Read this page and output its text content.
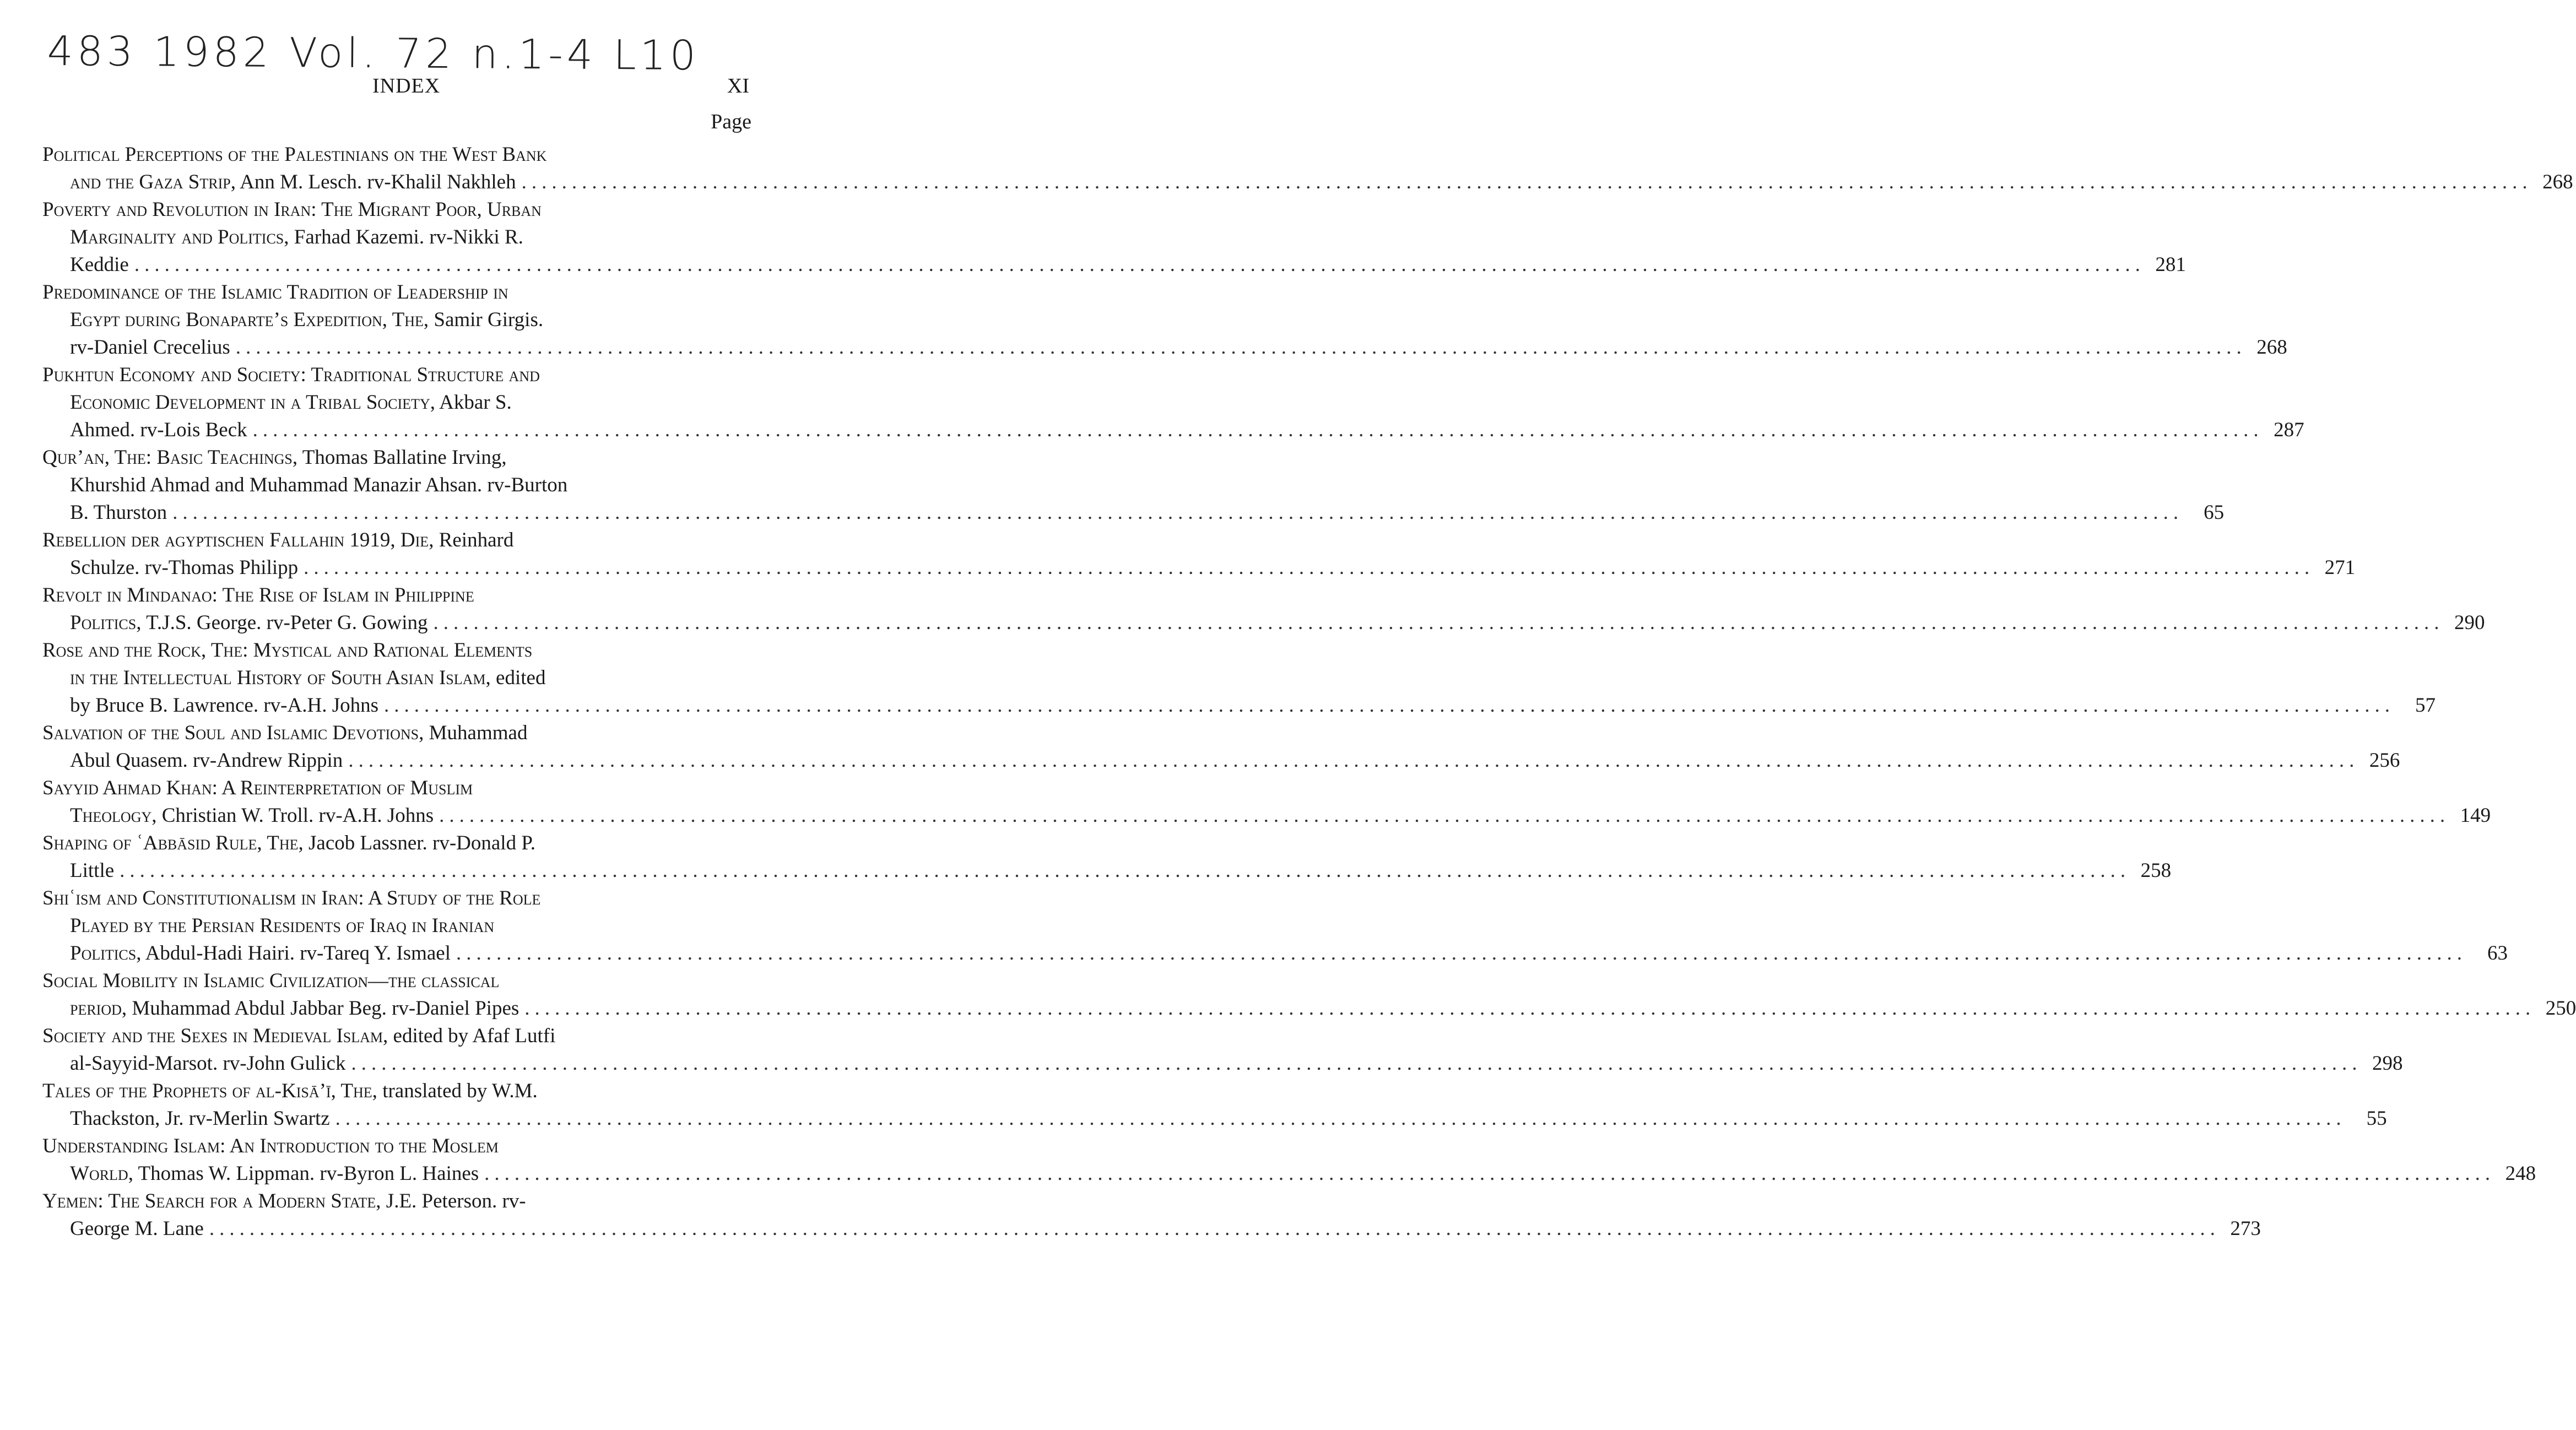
483 1982 Vol. 72 n.1-4 L10
INDEX	XI
Page
Political Perceptions of the Palestinians on the West Bank
and the Gaza Strip, Ann M. Lesch. rv-Khalil Nakhleh ........................................................................................................................................................................................................ 268
Poverty and Revolution in Iran: The Migrant Poor, Urban
Marginality and Politics, Farhad Kazemi. rv-Nikki R.
Keddie ........................................................................................................................................................................................................ 281
Predominance of the Islamic Tradition of Leadership in
Egypt during Bonaparte’s Expedition, The, Samir Girgis.
rv-Daniel Crecelius ........................................................................................................................................................................................................ 268
Pukhtun Economy and Society: Traditional Structure and
Economic Development in a Tribal Society, Akbar S.
Ahmed. rv-Lois Beck ........................................................................................................................................................................................................ 287
Qur’an, The: Basic Teachings, Thomas Ballatine Irving,
Khurshid Ahmad and Muhammad Manazir Ahsan. rv-Burton
B. Thurston ........................................................................................................................................................................................................	65
Rebellion der agyptischen Fallahin 1919, Die, Reinhard
Schulze. rv-Thomas Philipp ........................................................................................................................................................................................................ 271
Revolt in Mindanao: The Rise of Islam in Philippine
Politics, T.J.S. George. rv-Peter G. Gowing ........................................................................................................................................................................................................ 290
Rose and the Rock, The: Mystical and Rational Elements
in the Intellectual History of South Asian Islam, edited
by Bruce B. Lawrence. rv-A.H. Johns ........................................................................................................................................................................................................	57
Salvation of the Soul and Islamic Devotions, Muhammad
Abul Quasem. rv-Andrew Rippin ........................................................................................................................................................................................................ 256
Sayyid Ahmad Khan: A Reinterpretation of Muslim
Theology, Christian W. Troll. rv-A.H. Johns ........................................................................................................................................................................................................ 149
Shaping of ʿAbbāsid Rule, The, Jacob Lassner. rv-Donald P.
Little ........................................................................................................................................................................................................ 258
Shiʿism and Constitutionalism in Iran: A Study of the Role
Played by the Persian Residents of Iraq in Iranian
Politics, Abdul-Hadi Hairi. rv-Tareq Y. Ismael ........................................................................................................................................................................................................	63
Social Mobility in Islamic Civilization—the classical
period, Muhammad Abdul Jabbar Beg. rv-Daniel Pipes ........................................................................................................................................................................................................ 250
Society and the Sexes in Medieval Islam, edited by Afaf Lutfi
al-Sayyid-Marsot. rv-John Gulick ........................................................................................................................................................................................................ 298
Tales of the Prophets of al-Kisā’ī, The, translated by W.M.
Thackston, Jr. rv-Merlin Swartz ........................................................................................................................................................................................................	55
Understanding Islam: An Introduction to the Moslem
World, Thomas W. Lippman. rv-Byron L. Haines ........................................................................................................................................................................................................ 248
Yemen: The Search for a Modern State, J.E. Peterson. rv-
George M. Lane ........................................................................................................................................................................................................ 273
